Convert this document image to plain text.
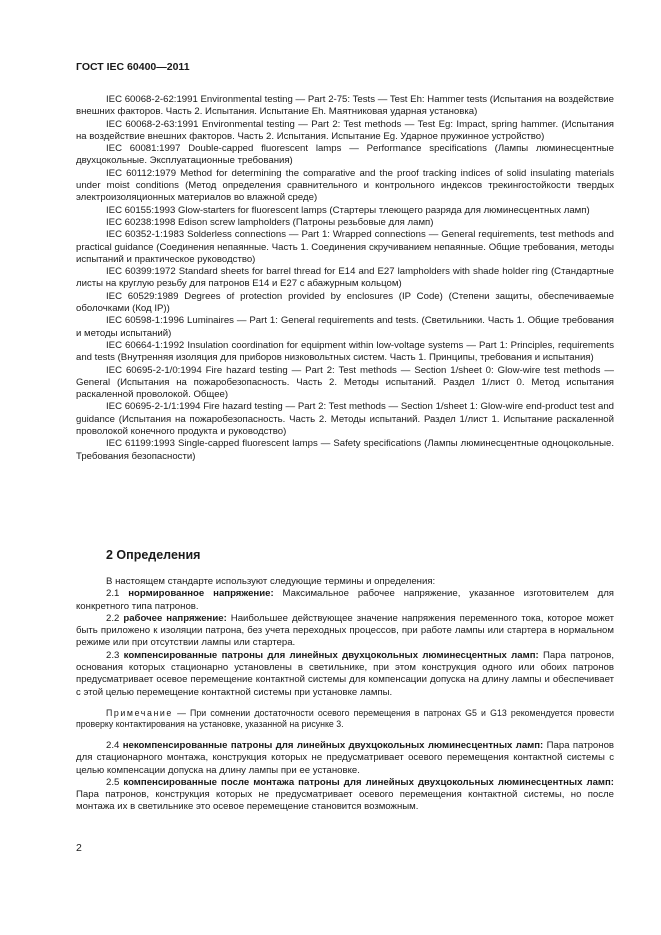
ГОСТ IEC 60400—2011

IEC 60068-2-62:1991 Environmental testing — Part 2-75: Tests — Test Eh: Hammer tests (Испытания на воздействие внешних факторов. Часть 2. Испытания. Испытание Eh. Маятниковая ударная установка)

IEC 60068-2-63:1991 Environmental testing — Part 2: Test methods — Test Eg: Impact, spring hammer. (Испытания на воздействие внешних факторов. Часть 2. Испытания. Испытание Eg. Ударное пружинное устройство)

IEC 60081:1997 Double-capped fluorescent lamps — Performance specifications (Лампы люминесцентные двухцокольные. Эксплуатационные требования)

IEC 60112:1979 Method for determining the comparative and the proof tracking indices of solid insulating materials under moist conditions (Метод определения сравнительного и контрольного индексов трекингостойкости твердых электроизоляционных материалов во влажной среде)

IEC 60155:1993 Glow-starters for fluorescent lamps (Стартеры тлеющего разряда для люминесцентных ламп)

IEC 60238:1998 Edison screw lampholders (Патроны резьбовые для ламп)

IEC 60352-1:1983 Solderless connections — Part 1: Wrapped connections — General requirements, test methods and practical guidance (Соединения непаянные. Часть 1. Соединения скручиванием непаянные. Общие требования, методы испытаний и практическое руководство)

IEC 60399:1972 Standard sheets for barrel thread for E14 and E27 lampholders with shade holder ring (Стандартные листы на круглую резьбу для патронов E14 и E27 с абажурным кольцом)

IEC 60529:1989 Degrees of protection provided by enclosures (IP Code) (Степени защиты, обеспечиваемые оболочками (Код IP))

IEC 60598-1:1996 Luminaires — Part 1: General requirements and tests. (Светильники. Часть 1. Общие требования и методы испытаний)

IEC 60664-1:1992 Insulation coordination for equipment within low-voltage systems — Part 1: Principles, requirements and tests (Внутренняя изоляция для приборов низковольтных систем. Часть 1. Принципы, требования и испытания)

IEC 60695-2-1/0:1994 Fire hazard testing — Part 2: Test methods — Section 1/sheet 0: Glow-wire test methods — General (Испытания на пожаробезопасность. Часть 2. Методы испытаний. Раздел 1/лист 0. Метод испытания раскаленной проволокой. Общее)

IEC 60695-2-1/1:1994 Fire hazard testing — Part 2: Test methods — Section 1/sheet 1: Glow-wire end-product test and guidance (Испытания на пожаробезопасность. Часть 2. Методы испытаний. Раздел 1/лист 1. Испытание раскаленной проволокой конечного продукта и руководство)

IEC 61199:1993 Single-capped fluorescent lamps — Safety specifications (Лампы люминесцентные одноцокольные. Требования безопасности)

2 Определения

В настоящем стандарте используют следующие термины и определения:

2.1 нормированное напряжение: Максимальное рабочее напряжение, указанное изготовителем для конкретного типа патронов.

2.2 рабочее напряжение: Наибольшее действующее значение напряжения переменного тока, которое может быть приложено к изоляции патрона, без учета переходных процессов, при работе лампы или стартера в нормальном режиме или при отсутствии лампы или стартера.

2.3 компенсированные патроны для линейных двухцокольных люминесцентных ламп: Пара патронов, основания которых стационарно установлены в светильнике, при этом конструкция одного или обоих патронов предусматривает осевое перемещение контактной системы для компенсации допуска на длину лампы и обеспечивает с этой целью перемещение контактной системы при установке лампы.

Примечание — При сомнении достаточности осевого перемещения в патронах G5 и G13 рекомендуется провести проверку контактирования на установке, указанной на рисунке 3.

2.4 некомпенсированные патроны для линейных двухцокольных люминесцентных ламп: Пара патронов для стационарного монтажа, конструкция которых не предусматривает осевого перемещения контактной системы с целью компенсации допуска на длину лампы при ее установке.

2.5 компенсированные после монтажа патроны для линейных двухцокольных люминесцентных ламп: Пара патронов, конструкция которых не предусматривает осевого перемещения контактной системы, но после монтажа их в светильнике это осевое перемещение становится возможным.

2
